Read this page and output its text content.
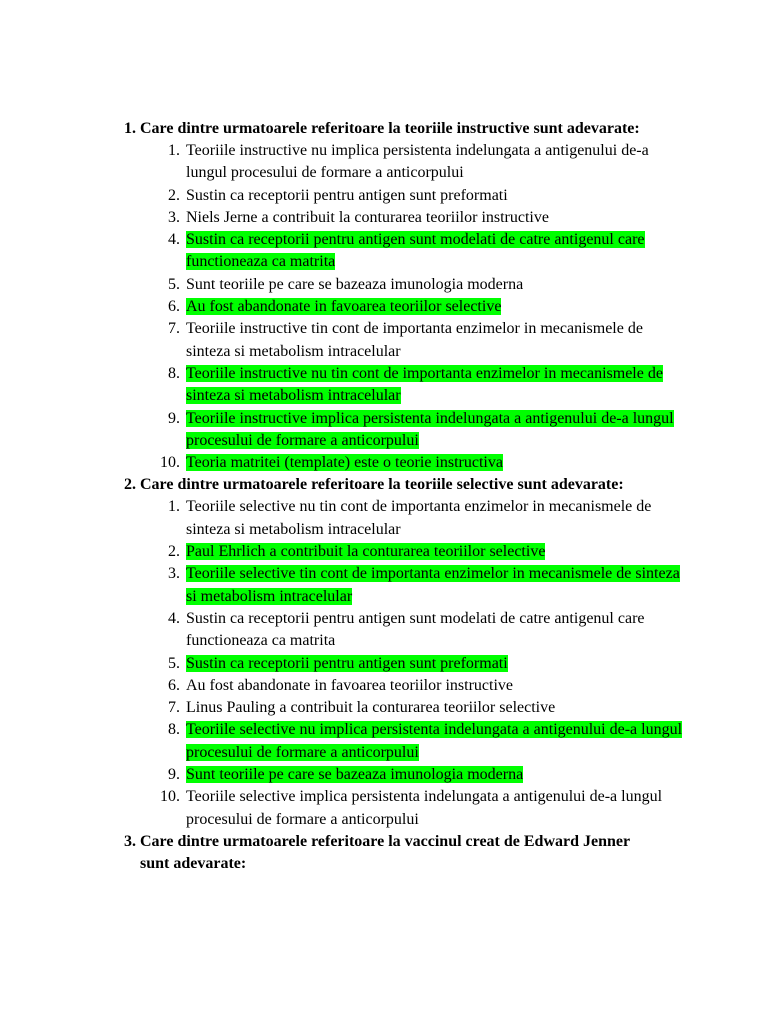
1. Care dintre urmatoarele referitoare la teoriile instructive sunt adevarate:
1. Teoriile instructive nu implica persistenta indelungata a antigenului de-a lungul procesului de formare a anticorpului
2. Sustin ca receptorii pentru antigen sunt preformati
3. Niels Jerne a contribuit la conturarea teoriilor instructive
4. Sustin ca receptorii pentru antigen sunt modelati de catre antigenul care functioneaza ca matrita
5. Sunt teoriile pe care se bazeaza imunologia moderna
6. Au fost abandonate in favoarea teoriilor selective
7. Teoriile instructive tin cont de importanta enzimelor in mecanismele de sinteza si metabolism intracelular
8. Teoriile instructive nu tin cont de importanta enzimelor in mecanismele de sinteza si metabolism intracelular
9. Teoriile instructive implica persistenta indelungata a antigenului de-a lungul procesului de formare a anticorpului
10. Teoria matritei (template) este o teorie instructiva
2. Care dintre urmatoarele referitoare la teoriile selective sunt adevarate:
1. Teoriile selective nu tin cont de importanta enzimelor in mecanismele de sinteza si metabolism intracelular
2. Paul Ehrlich a contribuit la conturarea teoriilor selective
3. Teoriile selective tin cont de importanta enzimelor in mecanismele de sinteza si metabolism intracelular
4. Sustin ca receptorii pentru antigen sunt modelati de catre antigenul care functioneaza ca matrita
5. Sustin ca receptorii pentru antigen sunt preformati
6. Au fost abandonate in favoarea teoriilor instructive
7. Linus Pauling a contribuit la conturarea teoriilor selective
8. Teoriile selective nu implica persistenta indelungata a antigenului de-a lungul procesului de formare a anticorpului
9. Sunt teoriile pe care se bazeaza imunologia moderna
10. Teoriile selective implica persistenta indelungata a antigenului de-a lungul procesului de formare a anticorpului
3. Care dintre urmatoarele referitoare la vaccinul creat de Edward Jenner sunt adevarate:
